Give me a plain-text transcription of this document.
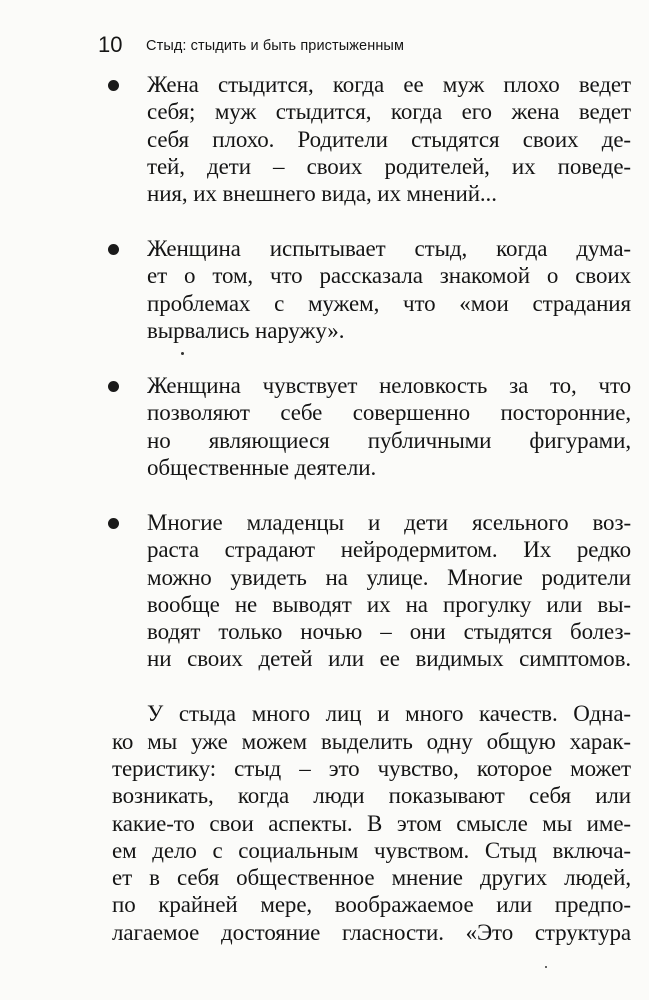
10 Стыд: стыдить и быть пристыженным
Жена стыдится, когда ее муж плохо ведет
себя; муж стыдится, когда его жена ведет
себя плохо. Родители стыдятся своих де-
тей, дети – своих родителей, их поведе-
ния, их внешнего вида, их мнений...
Женщина испытывает стыд, когда дума-
ет о том, что рассказала знакомой о своих
проблемах с мужем, что «мои страдания
вырвались наружу».
Женщина чувствует неловкость за то, что
позволяют себе совершенно посторонние,
но являющиеся публичными фигурами,
общественные деятели.
Многие младенцы и дети ясельного воз-
раста страдают нейродермитом. Их редко
можно увидеть на улице. Многие родители
вообще не выводят их на прогулку или вы-
водят только ночью – они стыдятся болез-
ни своих детей или ее видимых симптомов.
У стыда много лиц и много качеств. Одна-
ко мы уже можем выделить одну общую харак-
теристику: стыд – это чувство, которое может
возникать, когда люди показывают себя или
какие-то свои аспекты. В этом смысле мы име-
ем дело с социальным чувством. Стыд включа-
ет в себя общественное мнение других людей,
по крайней мере, воображаемое или предпо-
лагаемое достояние гласности. «Это структура
